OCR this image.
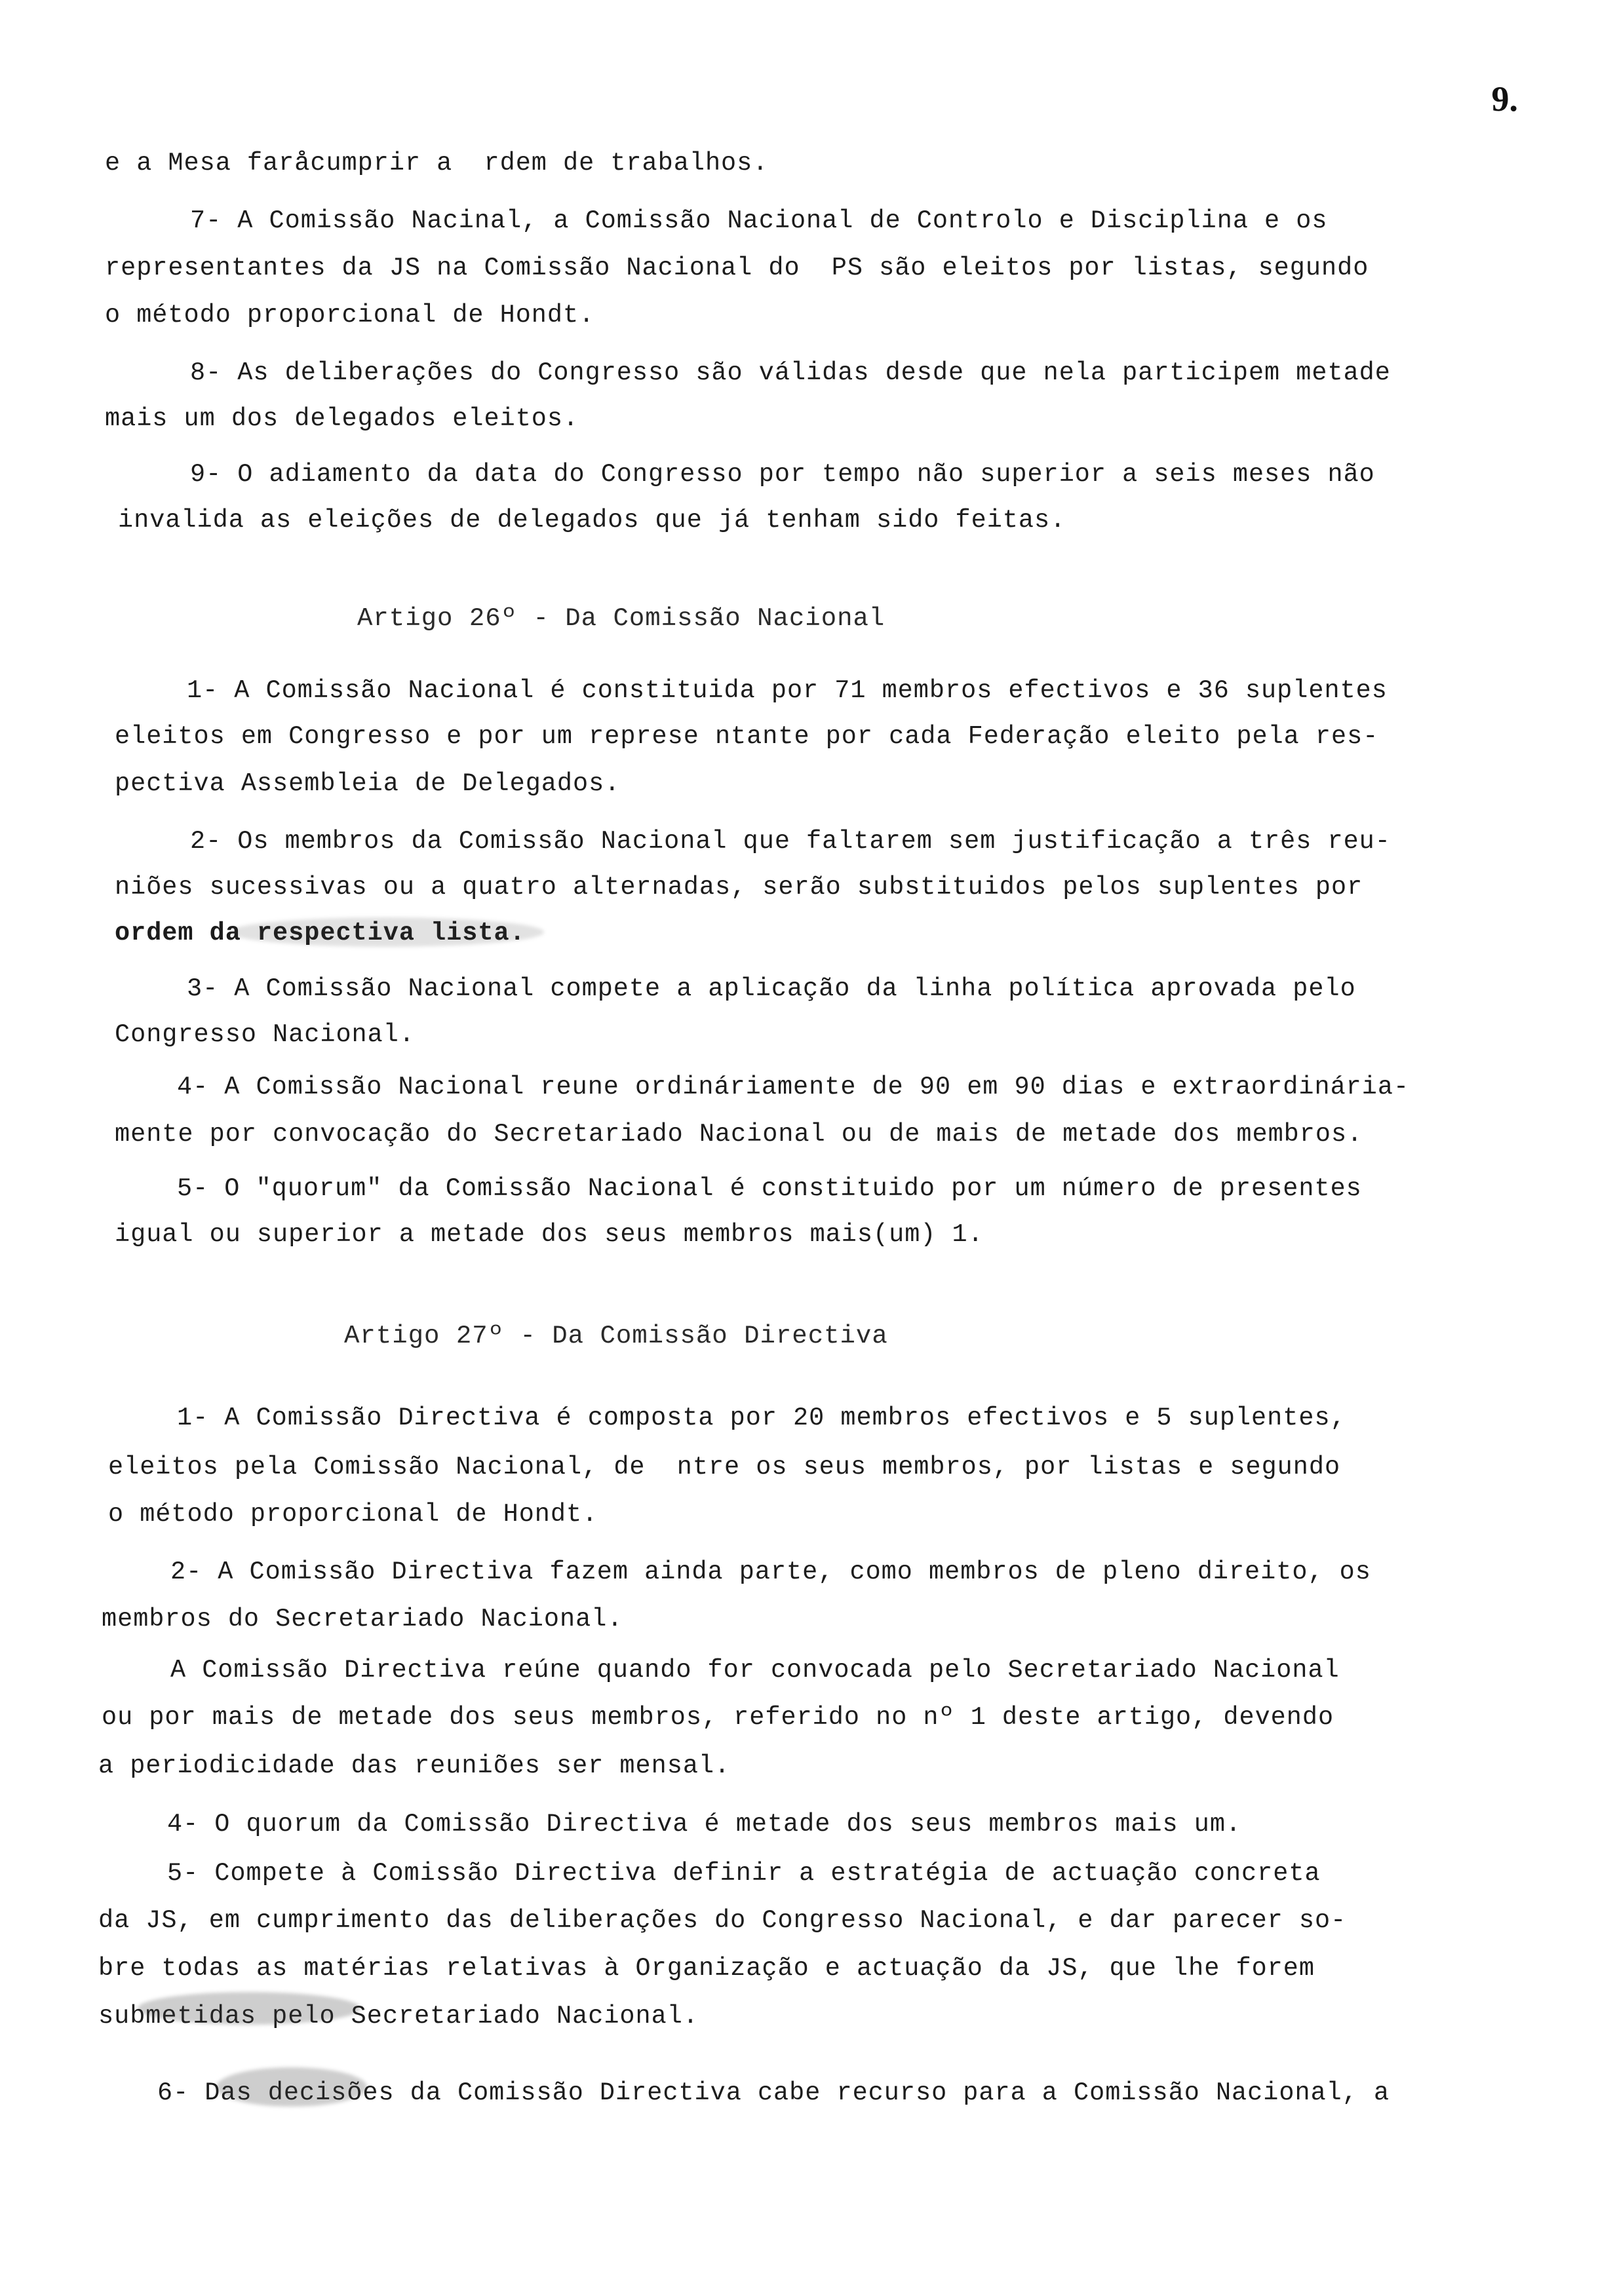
9.
e a Mesa faråcumprir a  rdem de trabalhos.
7- A Comissão Nacinal, a Comissão Nacional de Controlo e Disciplina e os
representantes da JS na Comissão Nacional do  PS são eleitos por listas, segundo
o método proporcional de Hondt.
8- As deliberações do Congresso são válidas desde que nela participem metade
mais um dos delegados eleitos.
9- O adiamento da data do Congresso por tempo não superior a seis meses não
invalida as eleições de delegados que já tenham sido feitas.
Artigo 26º - Da Comissão Nacional
1- A Comissão Nacional é constituida por 71 membros efectivos e 36 suplentes
eleitos em Congresso e por um represe ntante por cada Federação eleito pela res-
pectiva Assembleia de Delegados.
2- Os membros da Comissão Nacional que faltarem sem justificação a três reu-
niões sucessivas ou a quatro alternadas, serão substituidos pelos suplentes por
ordem da respectiva lista.
3- A Comissão Nacional compete a aplicação da linha política aprovada pelo
Congresso Nacional.
4- A Comissão Nacional reune ordináriamente de 90 em 90 dias e extraordinária-
mente por convocação do Secretariado Nacional ou de mais de metade dos membros.
5- O "quorum" da Comissão Nacional é constituido por um número de presentes
igual ou superior a metade dos seus membros mais(um) 1.
Artigo 27º - Da Comissão Directiva
1- A Comissão Directiva é composta por 20 membros efectivos e 5 suplentes,
eleitos pela Comissão Nacional, de  ntre os seus membros, por listas e segundo
o método proporcional de Hondt.
2- A Comissão Directiva fazem ainda parte, como membros de pleno direito, os
membros do Secretariado Nacional.
A Comissão Directiva reúne quando for convocada pelo Secretariado Nacional
ou por mais de metade dos seus membros, referido no nº 1 deste artigo, devendo
a periodicidade das reuniões ser mensal.
4- O quorum da Comissão Directiva é metade dos seus membros mais um.
5- Compete à Comissão Directiva definir a estratégia de actuação concreta
da JS, em cumprimento das deliberações do Congresso Nacional, e dar parecer so-
bre todas as matérias relativas à Organização e actuação da JS, que lhe forem
submetidas pelo Secretariado Nacional.
6- Das decisões da Comissão Directiva cabe recurso para a Comissão Nacional, a
